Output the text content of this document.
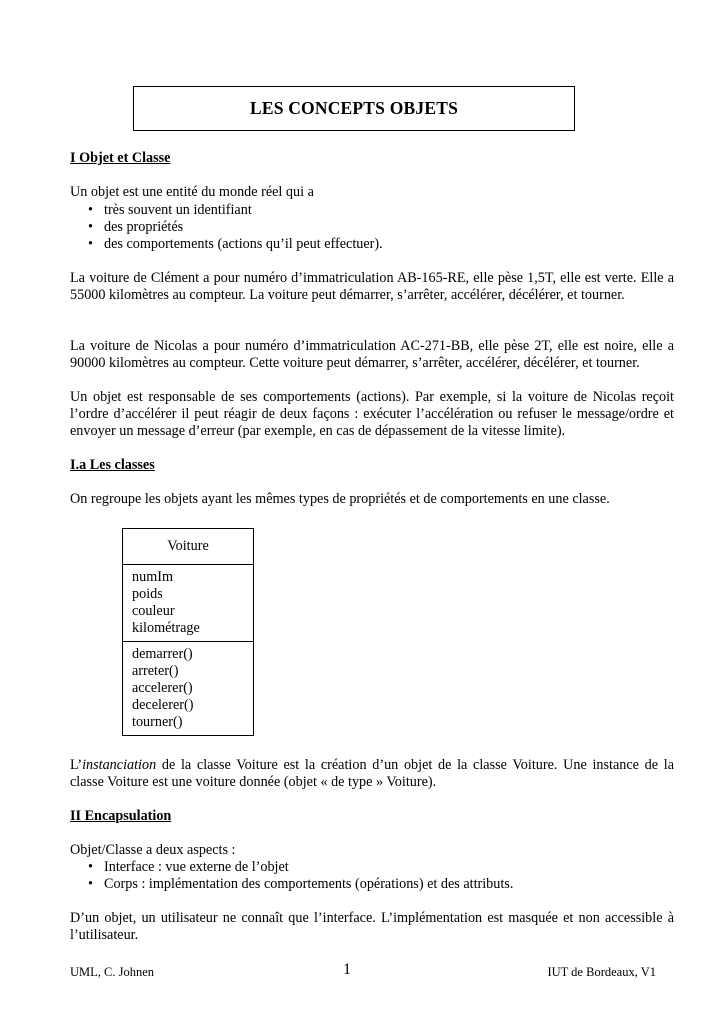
LES CONCEPTS OBJETS
I Objet et Classe
Un objet est une entité du monde réel qui a
• très souvent un identifiant
• des propriétés
• des comportements (actions qu’il peut effectuer).
La voiture de Clément a pour numéro d’immatriculation AB-165-RE, elle pèse 1,5T, elle est verte. Elle a 55000 kilomètres au compteur. La voiture peut démarrer, s’arrêter, accélérer, décélérer, et tourner.
La voiture de Nicolas a pour numéro d’immatriculation AC-271-BB, elle pèse 2T, elle est noire, elle a 90000 kilomètres au compteur. Cette voiture peut démarrer, s’arrêter, accélérer, décélérer, et tourner.
Un objet est responsable de ses comportements (actions). Par exemple, si la voiture de Nicolas reçoit l’ordre d’accélérer il peut réagir de deux façons : exécuter l’accélération ou refuser le message/ordre et envoyer un message d’erreur (par exemple, en cas de dépassement de la vitesse limite).
I.a Les classes
On regroupe les objets ayant les mêmes types de propriétés et de comportements en une classe.
Voiture
numIm
poids
couleur
kilométrage
demarrer()
arreter()
accelerer()
decelerer()
tourner()
L’instanciation de la classe Voiture est la création d’un objet de la classe Voiture. Une instance de la classe Voiture est une voiture donnée (objet « de type » Voiture).
II Encapsulation
Objet/Classe a deux aspects :
• Interface : vue externe de l’objet
• Corps : implémentation des comportements (opérations) et des attributs.
D’un objet, un utilisateur ne connaît que l’interface. L’implémentation est masquée et non accessible à l’utilisateur.
UML, C. Johnen	1	IUT de Bordeaux, V1
